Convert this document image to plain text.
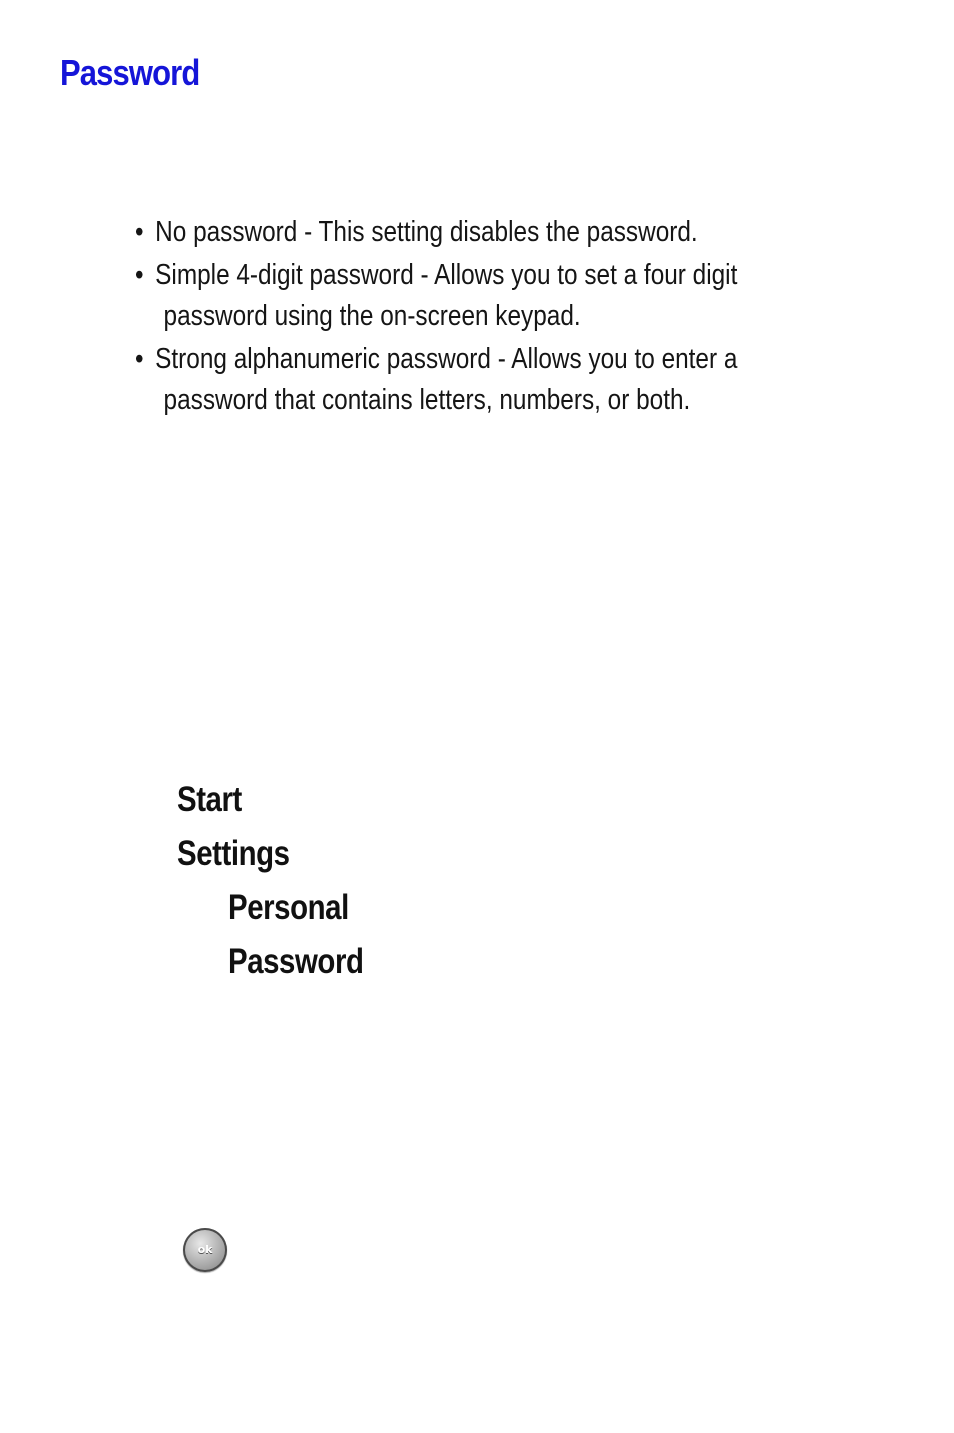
Password
• No password - This setting disables the password.
• Simple 4-digit password - Allows you to set a four digit
password using the on-screen keypad.
• Strong alphanumeric password - Allows you to enter a
password that contains letters, numbers, or both.
Start
Settings
Personal
Password
ok
